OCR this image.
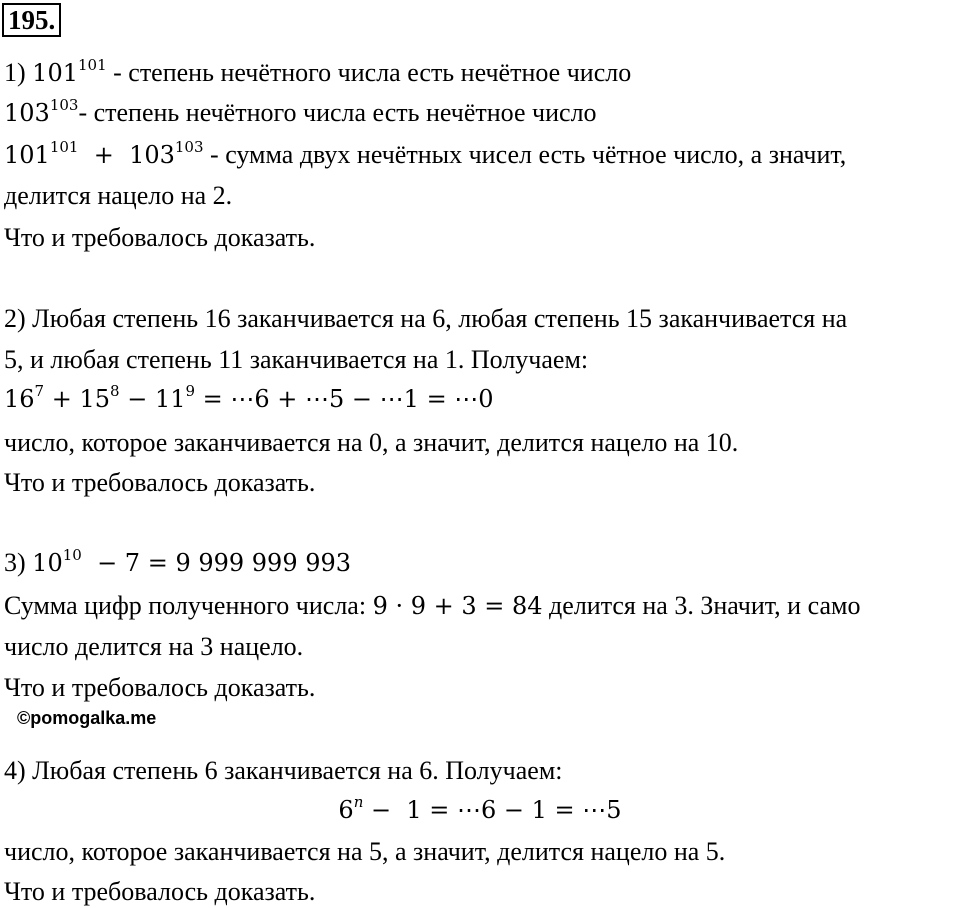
195.
1) $101^{101}$ - степень нечётного числа есть нечётное число
$103^{103}-$ степень нечётного числа есть нечётное число
$101^{101} + 103^{103}$ - сумма двух нечётных чисел есть чётное число, а значит,
делится нацело на 2.
Что и требовалось доказать.
2) Любая степень 16 заканчивается на 6, любая степень 15 заканчивается на
5, и любая степень 11 заканчивается на 1. Получаем:
$16^7 + 15^8 - 11^9$ = ⋯6 + ⋯5 − ⋯1 = ⋯0
число, которое заканчивается на 0, а значит, делится нацело на 10.
Что и требовалось доказать.
3) $10^{10} - 7 = 9$ 999 999 993
Сумма цифр полученного числа: 9 · 9 + 3 = 84 делится на 3. Значит, и само
число делится на 3 нацело.
Что и требовалось доказать.
©pomogalka.me
4) Любая степень 6 заканчивается на 6. Получаем:
$6^n - 1$ = ⋯6 − 1 = ⋯5
число, которое заканчивается на 5, а значит, делится нацело на 5.
Что и требовалось доказать.
